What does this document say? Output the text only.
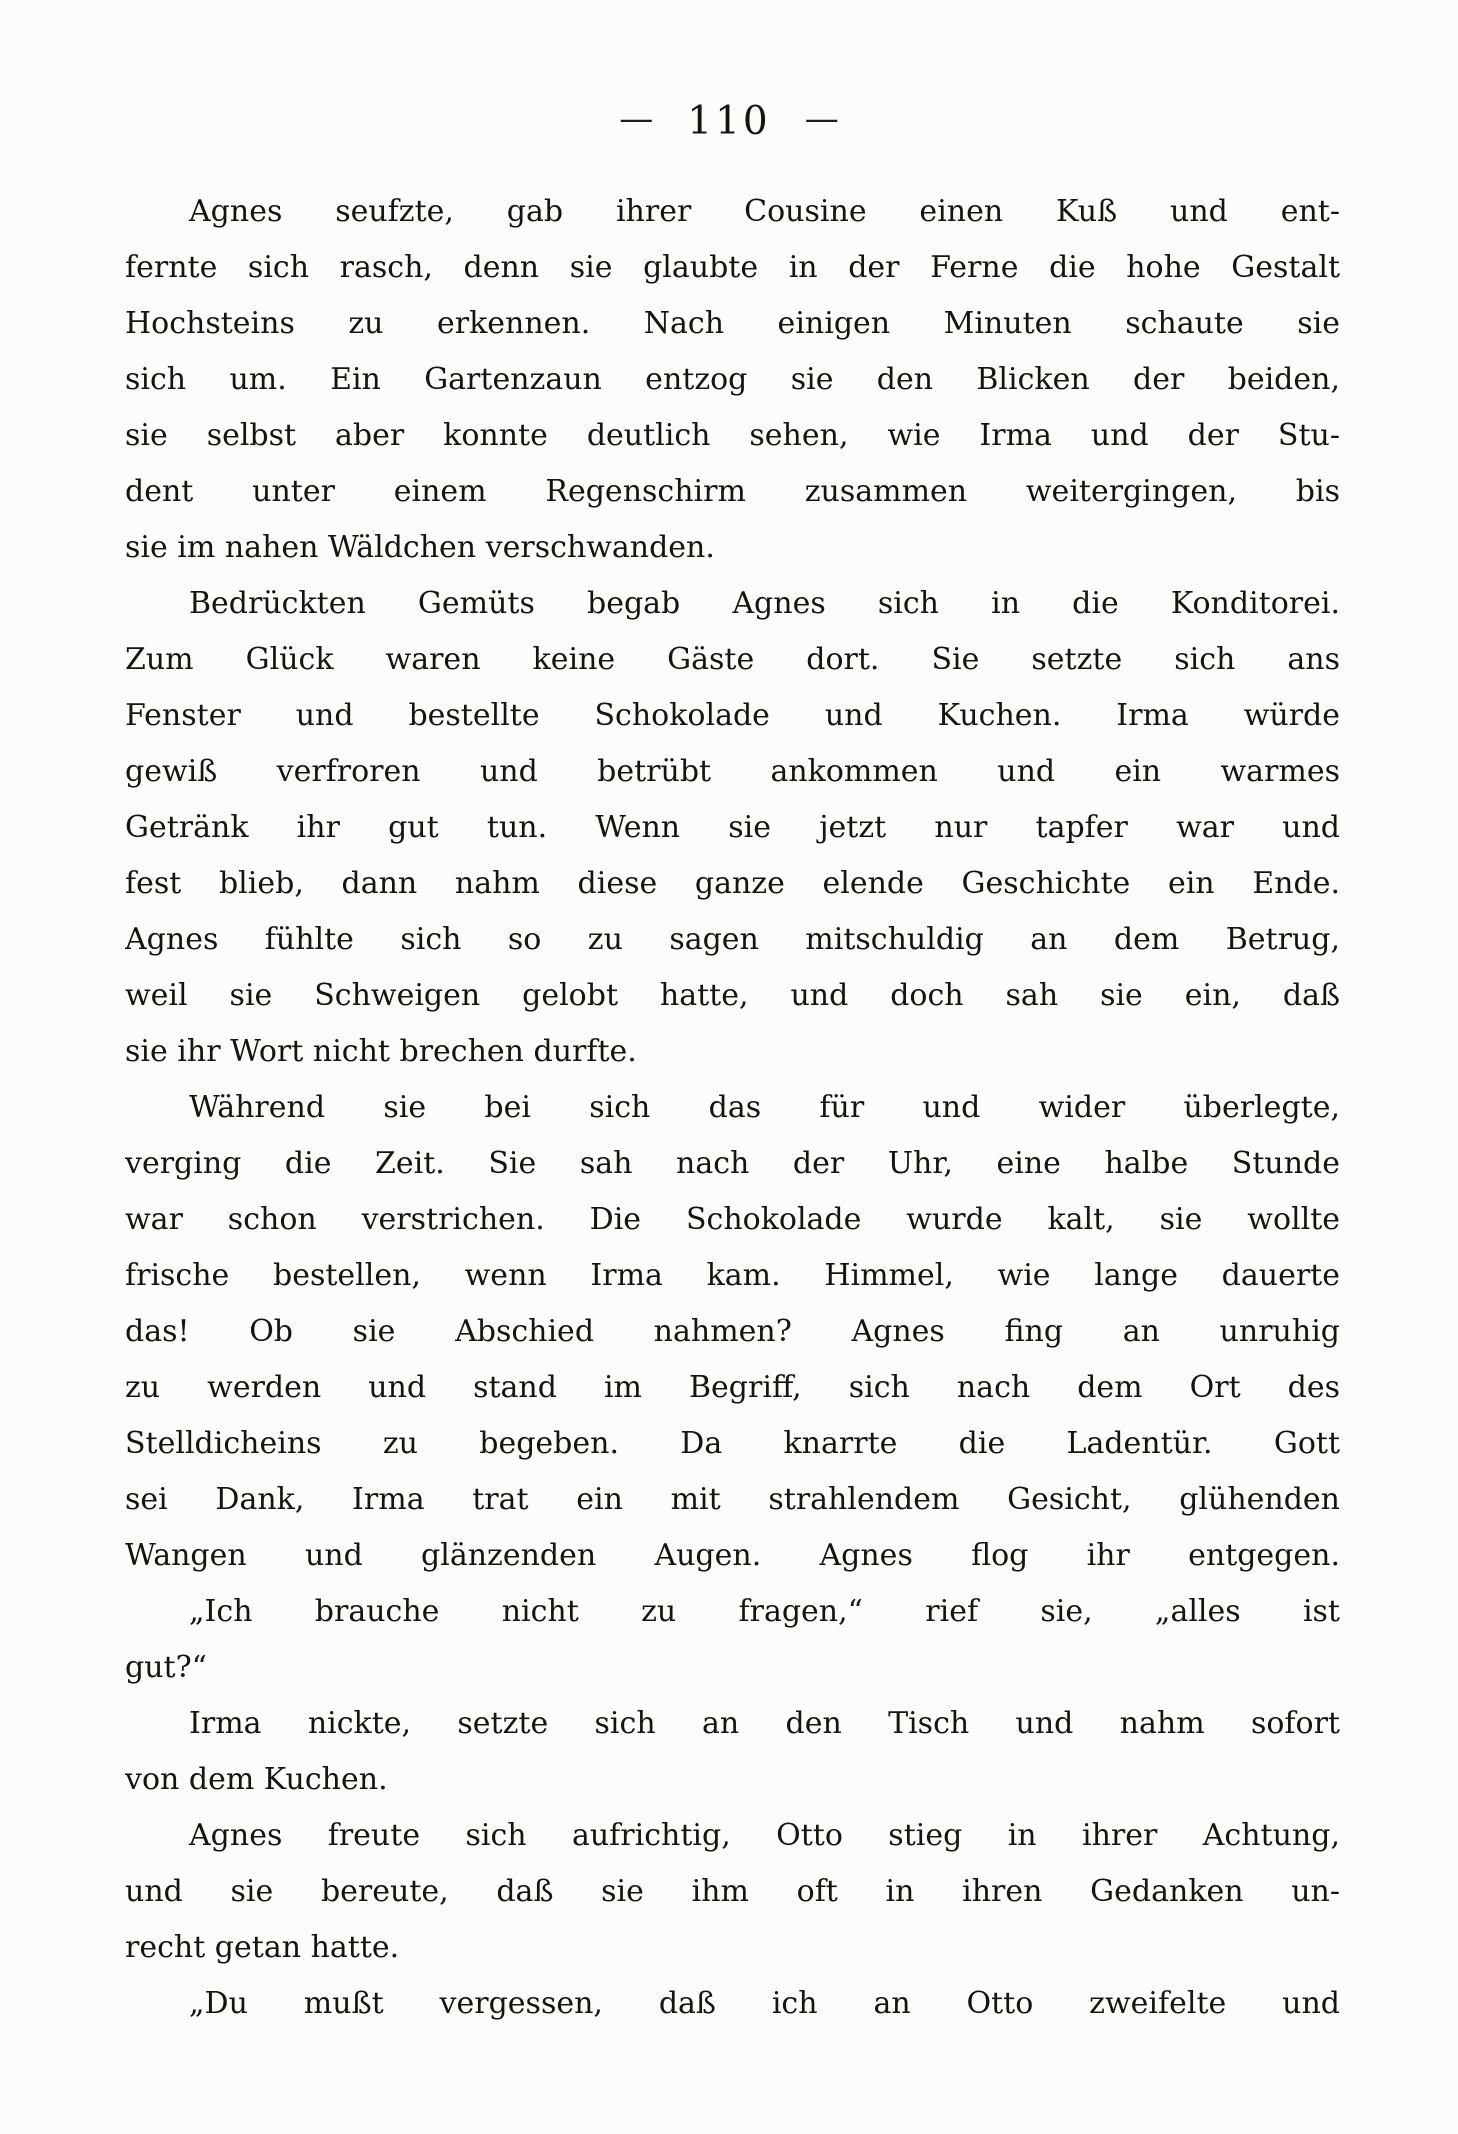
— 110 —
Agnes seufzte, gab ihrer Cousine einen Kuß und ent-
fernte sich rasch, denn sie glaubte in der Ferne die hohe Gestalt
Hochsteins zu erkennen. Nach einigen Minuten schaute sie
sich um. Ein Gartenzaun entzog sie den Blicken der beiden,
sie selbst aber konnte deutlich sehen, wie Irma und der Stu-
dent unter einem Regenschirm zusammen weitergingen, bis
sie im nahen Wäldchen verschwanden.
Bedrückten Gemüts begab Agnes sich in die Konditorei.
Zum Glück waren keine Gäste dort. Sie setzte sich ans
Fenster und bestellte Schokolade und Kuchen. Irma würde
gewiß verfroren und betrübt ankommen und ein warmes
Getränk ihr gut tun. Wenn sie jetzt nur tapfer war und
fest blieb, dann nahm diese ganze elende Geschichte ein Ende.
Agnes fühlte sich so zu sagen mitschuldig an dem Betrug,
weil sie Schweigen gelobt hatte, und doch sah sie ein, daß
sie ihr Wort nicht brechen durfte.
Während sie bei sich das für und wider überlegte,
verging die Zeit. Sie sah nach der Uhr, eine halbe Stunde
war schon verstrichen. Die Schokolade wurde kalt, sie wollte
frische bestellen, wenn Irma kam. Himmel, wie lange dauerte
das! Ob sie Abschied nahmen? Agnes fing an unruhig
zu werden und stand im Begriff, sich nach dem Ort des
Stelldicheins zu begeben. Da knarrte die Ladentür. Gott
sei Dank, Irma trat ein mit strahlendem Gesicht, glühenden
Wangen und glänzenden Augen. Agnes flog ihr entgegen.
„Ich brauche nicht zu fragen,“ rief sie, „alles ist
gut?“
Irma nickte, setzte sich an den Tisch und nahm sofort
von dem Kuchen.
Agnes freute sich aufrichtig, Otto stieg in ihrer Achtung,
und sie bereute, daß sie ihm oft in ihren Gedanken un-
recht getan hatte.
„Du mußt vergessen, daß ich an Otto zweifelte und
